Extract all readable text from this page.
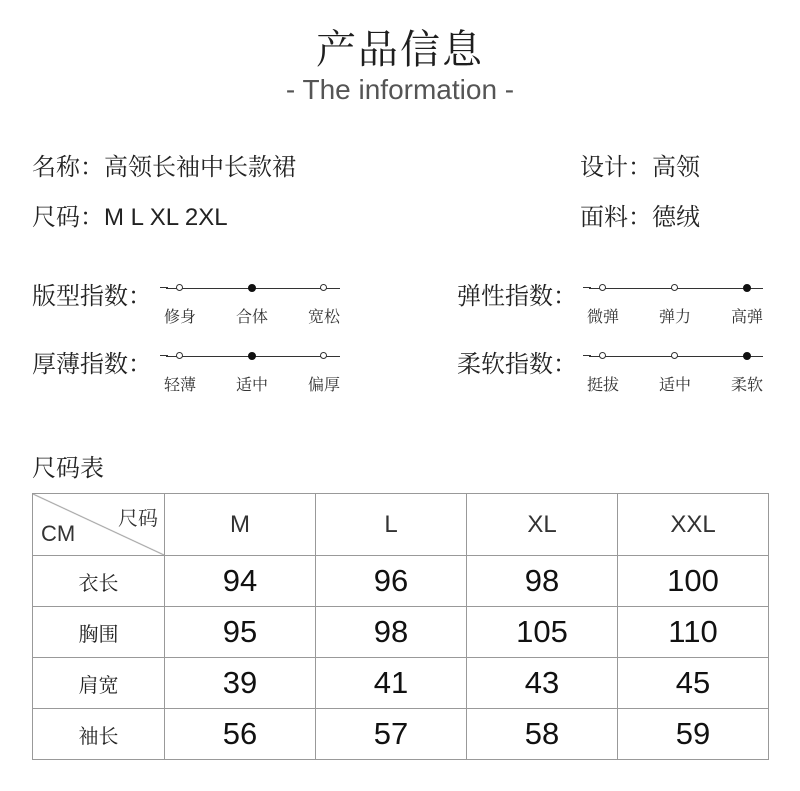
产品信息
- The information -
名称：高领长袖中长款裙
尺码：M L XL 2XL
设计：高领
面料：德绒
版型指数：
修身 合体 宽松
弹性指数：
微弹 弹力 高弹
厚薄指数：
轻薄 适中 偏厚
柔软指数：
挺拔 适中 柔软
尺码表
尺码
CM	M	L	XL	XXL
衣长	94	96	98	100
胸围	95	98	105	110
肩宽	39	41	43	45
袖长	56	57	58	59
